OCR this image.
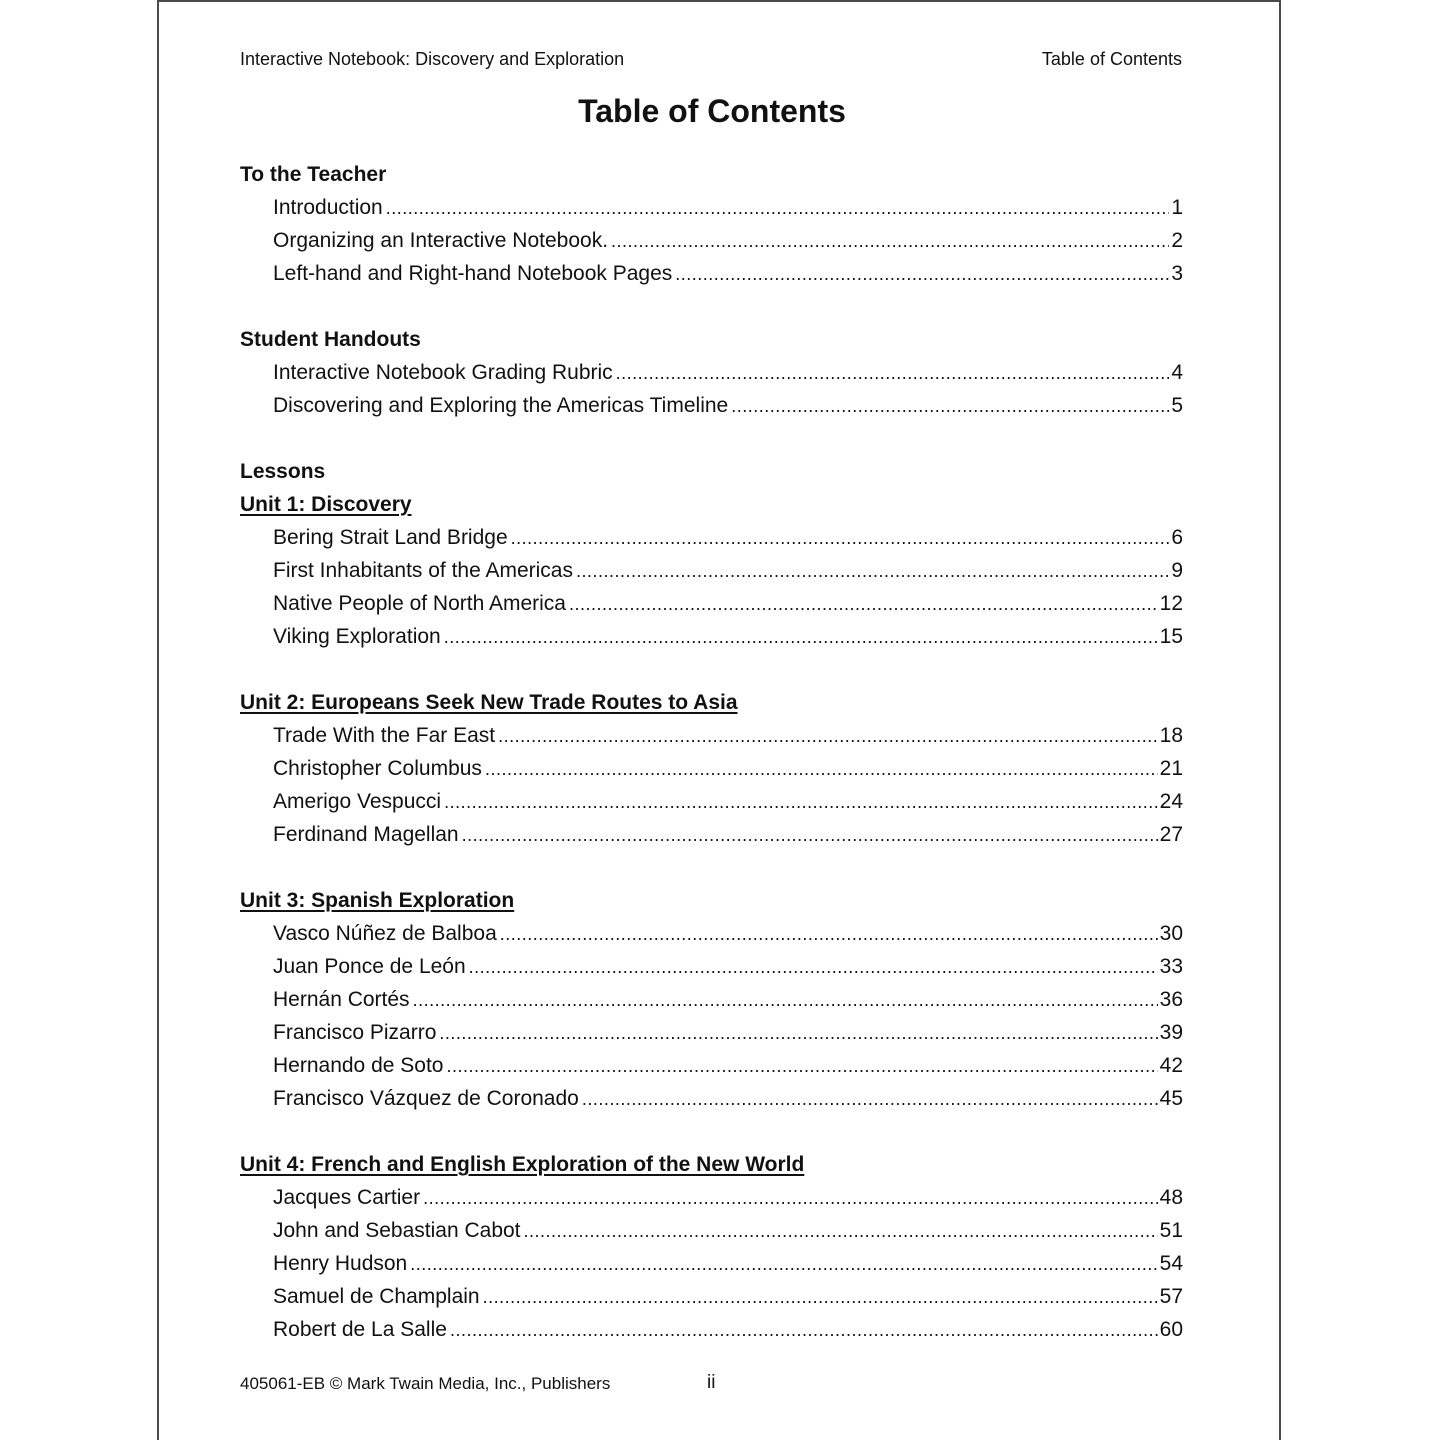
Interactive Notebook: Discovery and Exploration	Table of Contents
Table of Contents
To the Teacher
Introduction .....	1
Organizing an Interactive Notebook. .....	2
Left-hand and Right-hand Notebook Pages .....	3
Student Handouts
Interactive Notebook Grading Rubric .....	4
Discovering and Exploring the Americas Timeline .....	5
Lessons
Unit 1: Discovery
Bering Strait Land Bridge .....	6
First Inhabitants of the Americas .....	9
Native People of North America .....	12
Viking Exploration .....	15
Unit 2: Europeans Seek New Trade Routes to Asia
Trade With the Far East .....	18
Christopher Columbus .....	21
Amerigo Vespucci .....	24
Ferdinand Magellan .....	27
Unit 3: Spanish Exploration
Vasco Núñez de Balboa .....	30
Juan Ponce de León .....	33
Hernán Cortés .....	36
Francisco Pizarro .....	39
Hernando de Soto .....	42
Francisco Vázquez de Coronado .....	45
Unit 4: French and English Exploration of the New World
Jacques Cartier .....	48
John and Sebastian Cabot .....	51
Henry Hudson .....	54
Samuel de Champlain .....	57
Robert de La Salle .....	60
405061-EB © Mark Twain Media, Inc., Publishers	ii
